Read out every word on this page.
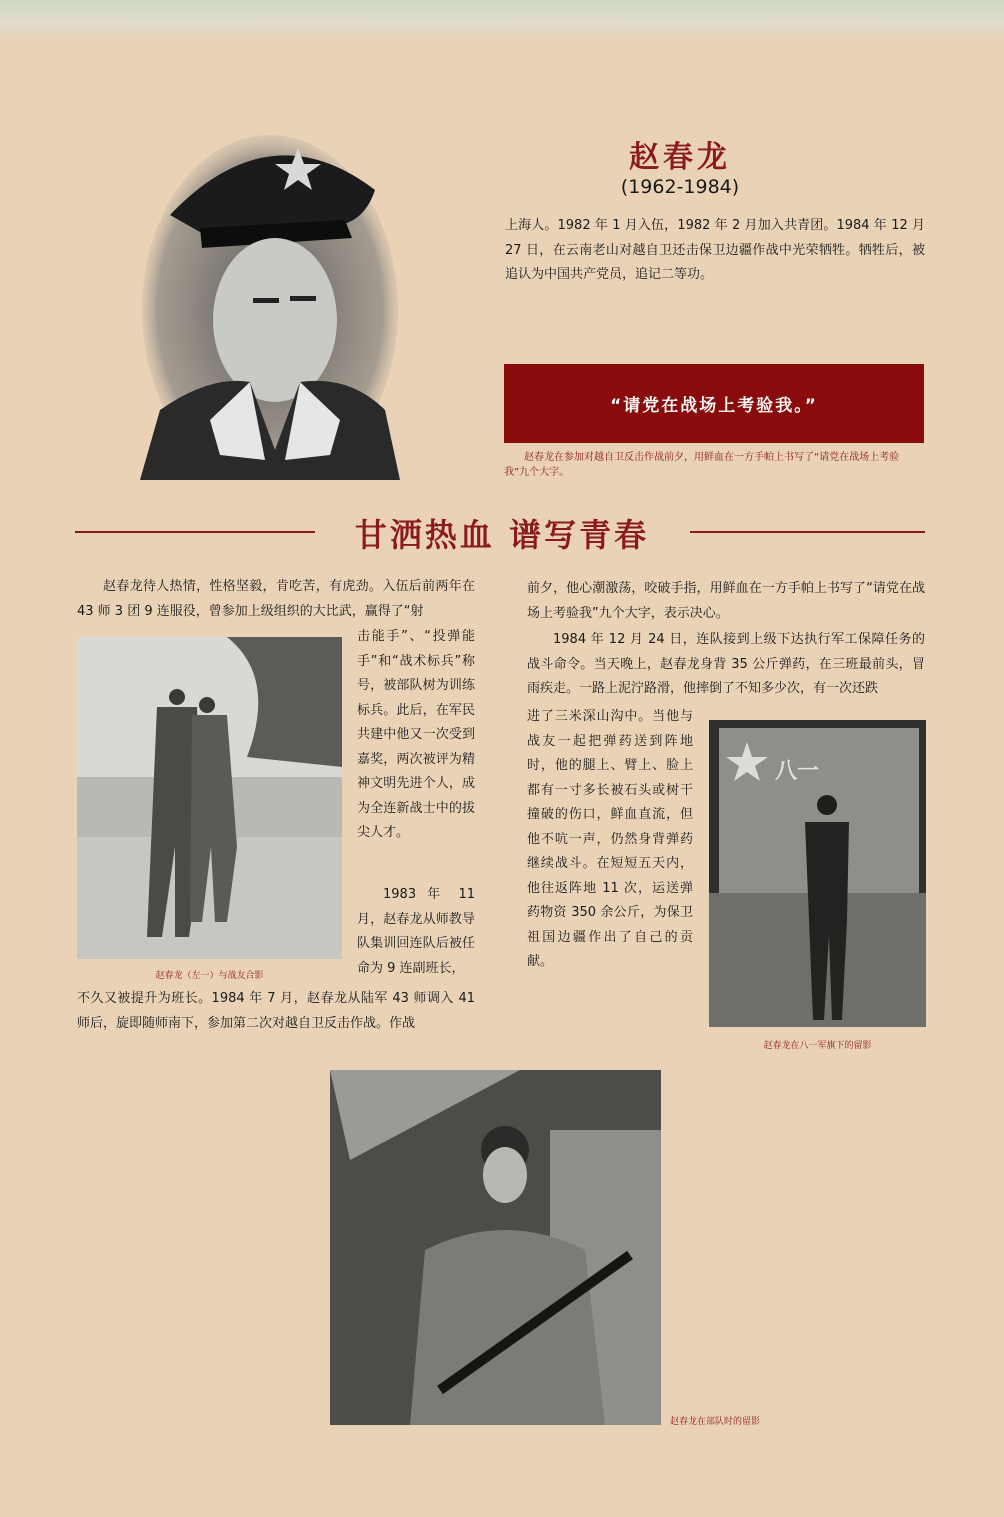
赵春龙
(1962-1984)

上海人。1982 年 1 月入伍，1982 年 2 月加入共青团。1984 年 12 月 27 日，在云南老山对越自卫还击保卫边疆作战中光荣牺牲。牺牲后，被追认为中国共产党员，追记二等功。

“请党在战场上考验我。”
赵春龙在参加对越自卫反击作战前夕，用鲜血在一方手帕上书写了“请党在战场上考验我”九个大字。
甘洒热血 谱写青春

赵春龙待人热情，性格坚毅，肯吃苦，有虎劲。入伍后前两年在 43 师 3 团 9 连服役，曾参加上级组织的大比武，赢得了“射

赵春龙（左一）与战友合影

击能手”、“投弹能手”和“战术标兵”称号，被部队树为训练标兵。此后，在军民共建中他又一次受到嘉奖，两次被评为精神文明先进个人，成为全连新战士中的拔尖人才。

1983 年 11 月，赵春龙从师教导队集训回连队后被任命为 9 连副班长，

不久又被提升为班长。1984 年 7 月，赵春龙从陆军 43 师调入 41 师后，旋即随师南下，参加第二次对越自卫反击作战。作战

前夕，他心潮激荡，咬破手指，用鲜血在一方手帕上书写了“请党在战场上考验我”九个大字，表示决心。

1984 年 12 月 24 日，连队接到上级下达执行军工保障任务的战斗命令。当天晚上，赵春龙身背 35 公斤弹药，在三班最前头，冒雨疾走。一路上泥泞路滑，他摔倒了不知多少次，有一次还跌

进了三米深山沟中。当他与战友一起把弹药送到阵地时，他的腿上、臂上、脸上都有一寸多长被石头或树干撞破的伤口，鲜血直流，但他不吭一声，仍然身背弹药继续战斗。在短短五天内，他往返阵地 11 次，运送弹药物资 350 余公斤，为保卫祖国边疆作出了自己的贡献。

八一
赵春龙在八一军旗下的留影
赵春龙在部队时的留影
